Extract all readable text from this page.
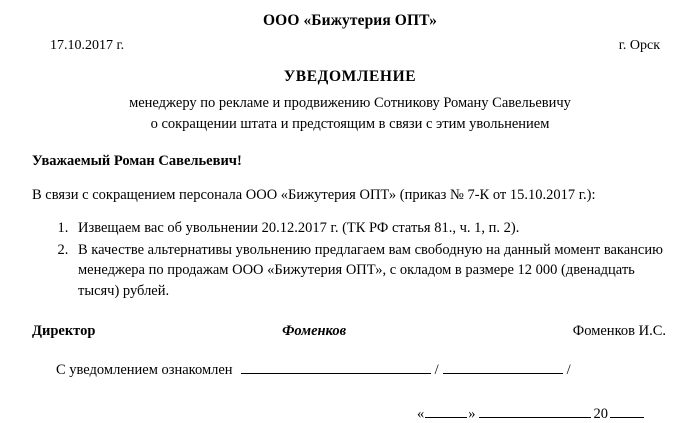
ООО «Бижутерия ОПТ»
17.10.2017 г.	г. Орск
УВЕДОМЛЕНИЕ
менеджеру по рекламе и продвижению Сотникову Роману Савельевичу
о сокращении штата и предстоящим в связи с этим увольнением
Уважаемый Роман Савельевич!
В связи с сокращением персонала ООО «Бижутерия ОПТ» (приказ № 7-К от 15.10.2017 г.):
1. Извещаем вас об увольнении 20.12.2017 г. (ТК РФ статья 81., ч. 1, п. 2).
2. В качестве альтернативы увольнению предлагаем вам свободную на данный момент вакансию менеджера по продажам ООО «Бижутерия ОПТ», с окладом в размере 12 000 (двенадцать тысяч) рублей.
Директор	Фоменков	Фоменков И.С.
С уведомлением ознакомлен	/	/
«	»	20
